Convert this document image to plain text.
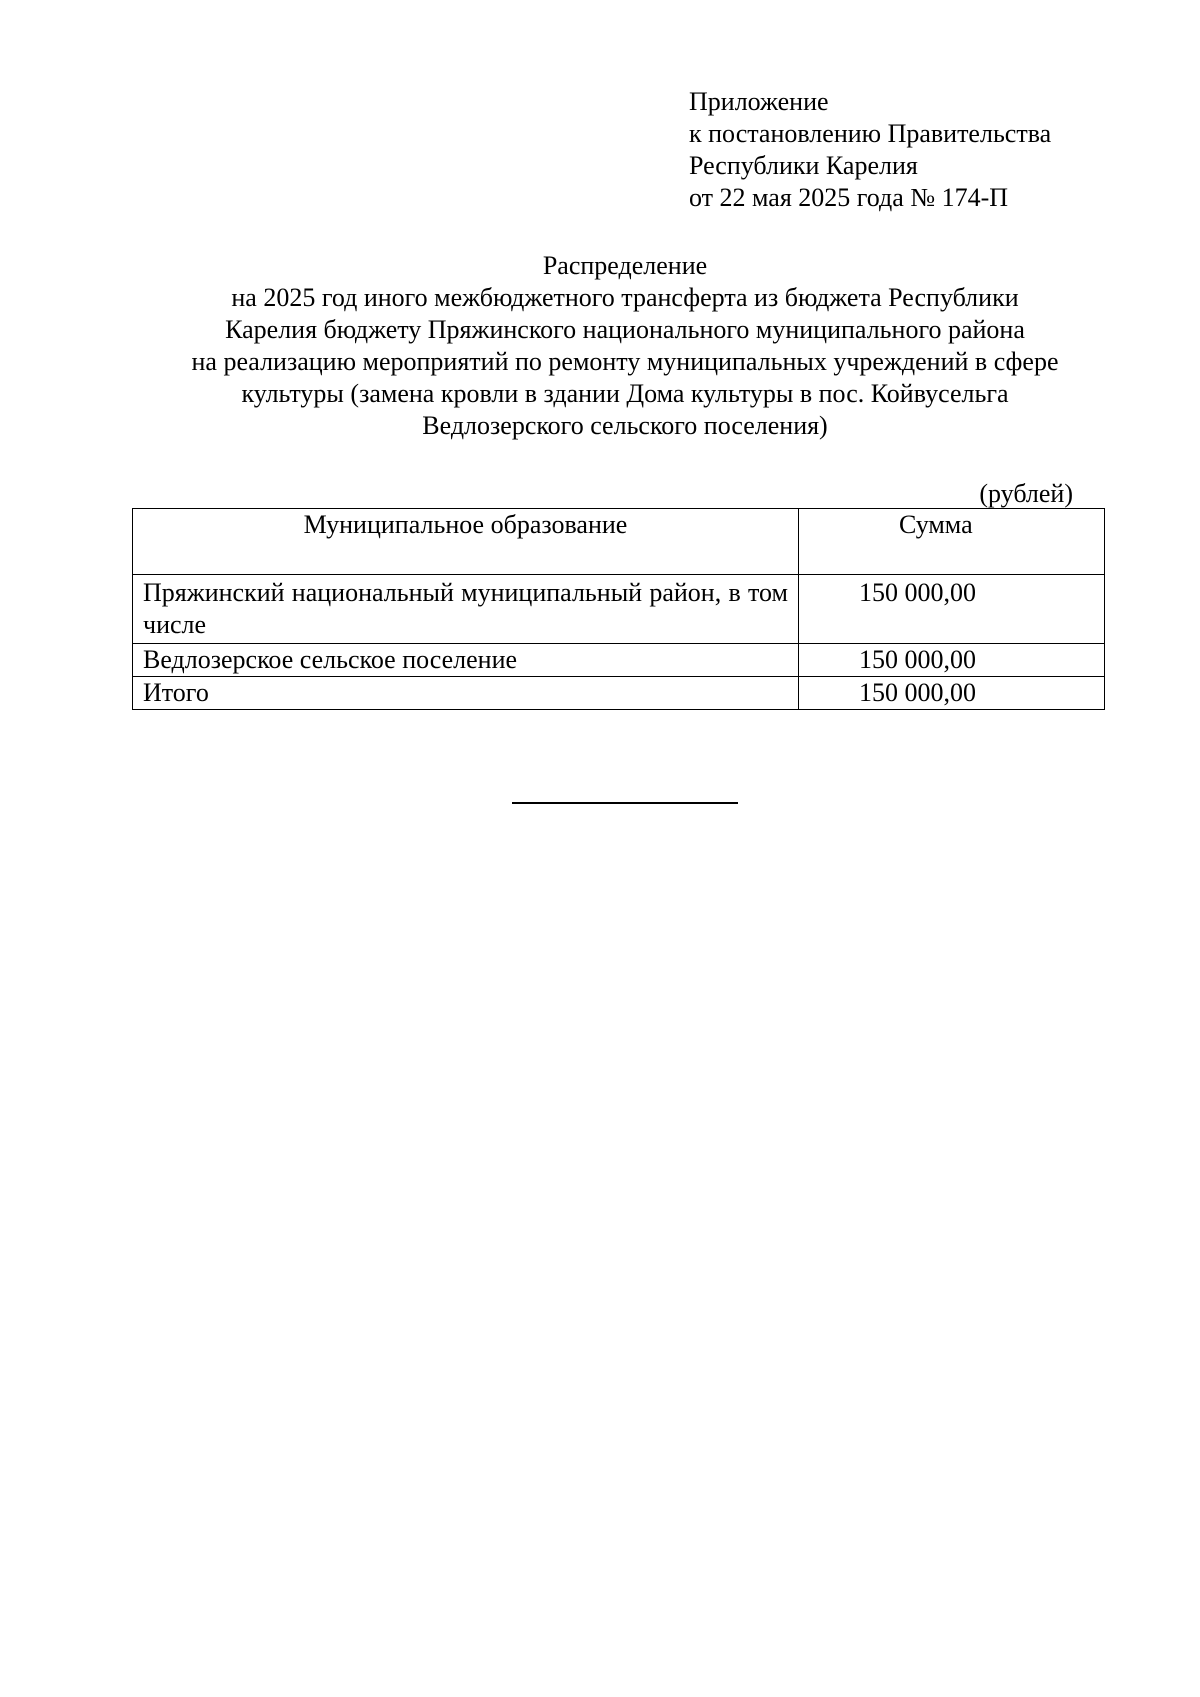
Приложение
к постановлению Правительства
Республики Карелия
от 22 мая 2025 года № 174-П
Распределение
на 2025 год иного межбюджетного трансферта из бюджета Республики
Карелия бюджету Пряжинского национального муниципального района
на реализацию мероприятий по ремонту муниципальных учреждений в сфере
культуры (замена кровли в здании Дома культуры в пос. Койвусельга
Ведлозерского сельского поселения)
(рублей)
Муниципальное образование	Сумма
Пряжинский национальный муниципальный район, в том числе	150 000,00
Ведлозерское сельское поселение	150 000,00
Итого	150 000,00
